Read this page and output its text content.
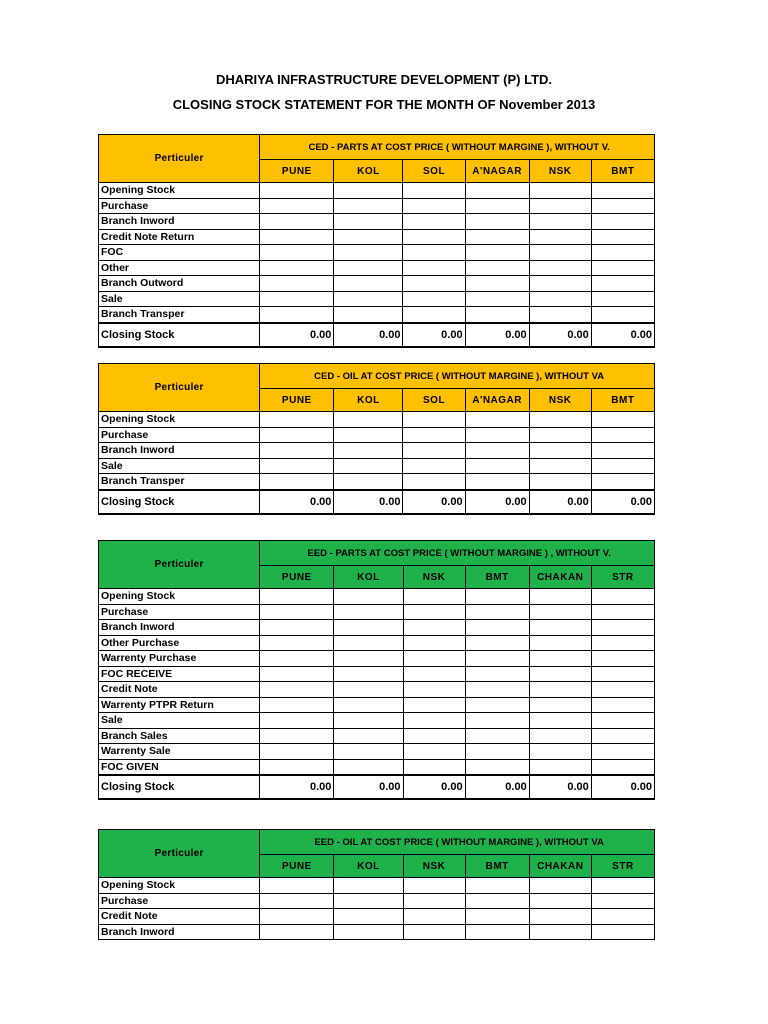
DHARIYA INFRASTRUCTURE DEVELOPMENT (P) LTD.
CLOSING STOCK STATEMENT FOR THE MONTH OF November 2013
Perticuler	CED - PARTS AT COST PRICE ( WITHOUT MARGINE ), WITHOUT V.					
	PUNE	KOL	SOL	A'NAGAR	NSK	BMT
Opening Stock						
Purchase						
Branch Inword						
Credit Note Return						
FOC						
Other						
Branch Outword						
Sale						
Branch Transper						
Closing Stock	0.00	0.00	0.00	0.00	0.00	0.00
Perticuler	CED - OIL AT COST PRICE ( WITHOUT MARGINE ), WITHOUT VA					
	PUNE	KOL	SOL	A'NAGAR	NSK	BMT
Opening Stock						
Purchase						
Branch Inword						
Sale						
Branch Transper						
Closing Stock	0.00	0.00	0.00	0.00	0.00	0.00
Perticuler	EED - PARTS AT COST PRICE ( WITHOUT MARGINE ) , WITHOUT V.					
	PUNE	KOL	NSK	BMT	CHAKAN	STR
Opening Stock						
Purchase						
Branch Inword						
Other Purchase						
Warrenty Purchase						
FOC RECEIVE						
Credit Note						
Warrenty PTPR Return						
Sale						
Branch Sales						
Warrenty Sale						
FOC GIVEN						
Closing Stock	0.00	0.00	0.00	0.00	0.00	0.00
Perticuler	EED - OIL AT COST PRICE ( WITHOUT MARGINE ), WITHOUT VA					
	PUNE	KOL	NSK	BMT	CHAKAN	STR
Opening Stock						
Purchase						
Credit Note						
Branch Inword						
